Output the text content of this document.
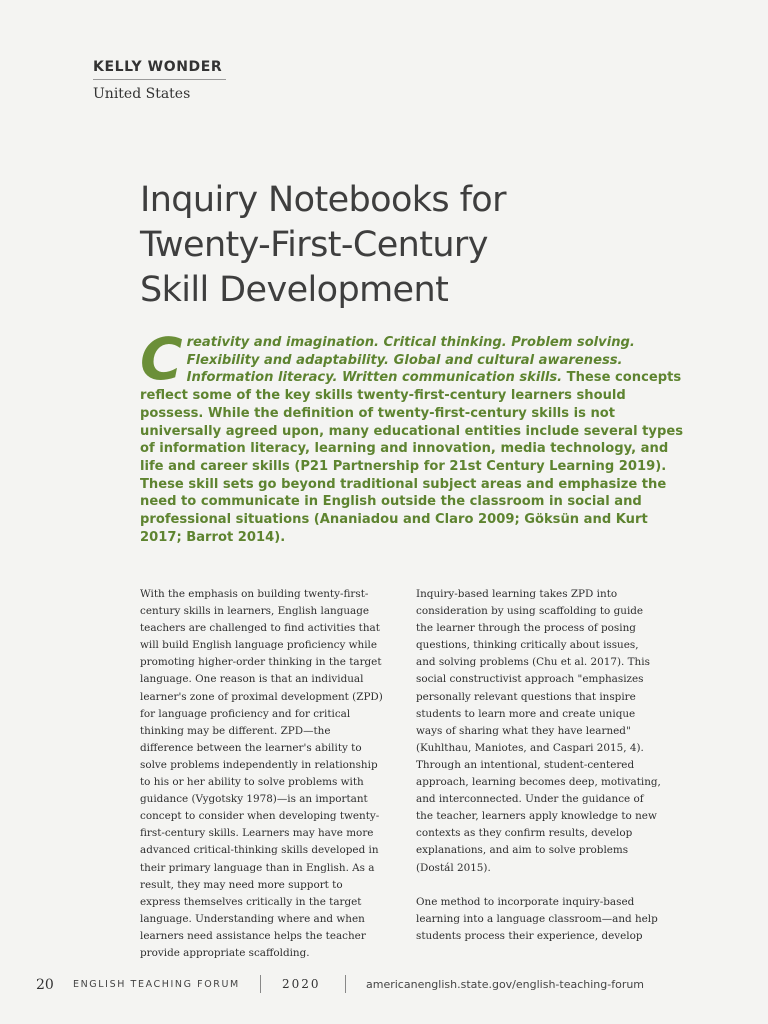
KELLY WONDER
United States
Inquiry Notebooks for
Twenty-First-Century
Skill Development
Creativity and imagination. Critical thinking. Problem solving. Flexibility and adaptability. Global and cultural awareness. Information literacy. Written communication skills. These concepts reflect some of the key skills twenty-first-century learners should possess. While the definition of twenty-first-century skills is not universally agreed upon, many educational entities include several types of information literacy, learning and innovation, media technology, and life and career skills (P21 Partnership for 21st Century Learning 2019). These skill sets go beyond traditional subject areas and emphasize the need to communicate in English outside the classroom in social and professional situations (Ananiadou and Claro 2009; Göksün and Kurt 2017; Barrot 2014).

With the emphasis on building twenty-first-century skills in learners, English language teachers are challenged to find activities that will build English language proficiency while promoting higher-order thinking in the target language. One reason is that an individual learner's zone of proximal development (ZPD) for language proficiency and for critical thinking may be different. ZPD—the difference between the learner's ability to solve problems independently in relationship to his or her ability to solve problems with guidance (Vygotsky 1978)—is an important concept to consider when developing twenty-first-century skills. Learners may have more advanced critical-thinking skills developed in their primary language than in English. As a result, they may need more support to express themselves critically in the target language. Understanding where and when learners need assistance helps the teacher provide appropriate scaffolding.

Inquiry-based learning takes ZPD into consideration by using scaffolding to guide the learner through the process of posing questions, thinking critically about issues, and solving problems (Chu et al. 2017). This social constructivist approach "emphasizes personally relevant questions that inspire students to learn more and create unique ways of sharing what they have learned" (Kuhlthau, Maniotes, and Caspari 2015, 4). Through an intentional, student-centered approach, learning becomes deep, motivating, and interconnected. Under the guidance of the teacher, learners apply knowledge to new contexts as they confirm results, develop explanations, and aim to solve problems (Dostál 2015).

One method to incorporate inquiry-based learning into a language classroom—and help students process their experience, develop

20 ENGLISH TEACHING FORUM	2020	americanenglish.state.gov/english-teaching-forum
